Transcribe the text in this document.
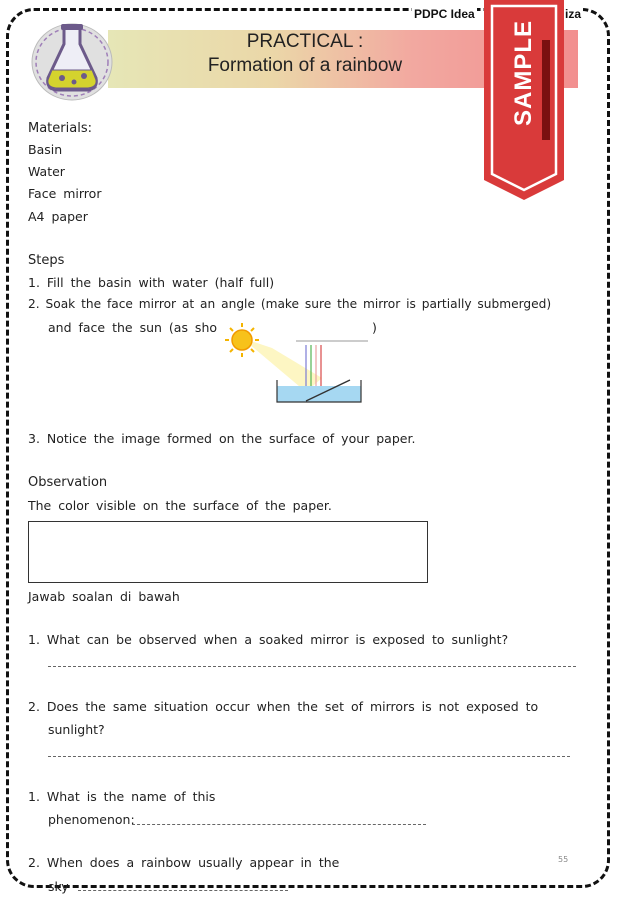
PRACTICAL :
Formation of a rainbow
PDPC Idea	iza
SAMPLE
Materials:
Basin
Water
Face mirror
A4 paper
Steps
1. Fill the basin with water (half full)
2. Soak the face mirror at an angle (make sure the mirror is partially submerged)
and face the sun (as sho	)
3. Notice the image formed on the surface of your paper.
Observation
The color visible on the surface of the paper.
Jawab soalan di bawah
1. What can be observed when a soaked mirror is exposed to sunlight?
2. Does the same situation occur when the set of mirrors is not exposed to
sunlight?
1. What is the name of this
phenomenon:
2. When does a rainbow usually appear in the
sky
55
